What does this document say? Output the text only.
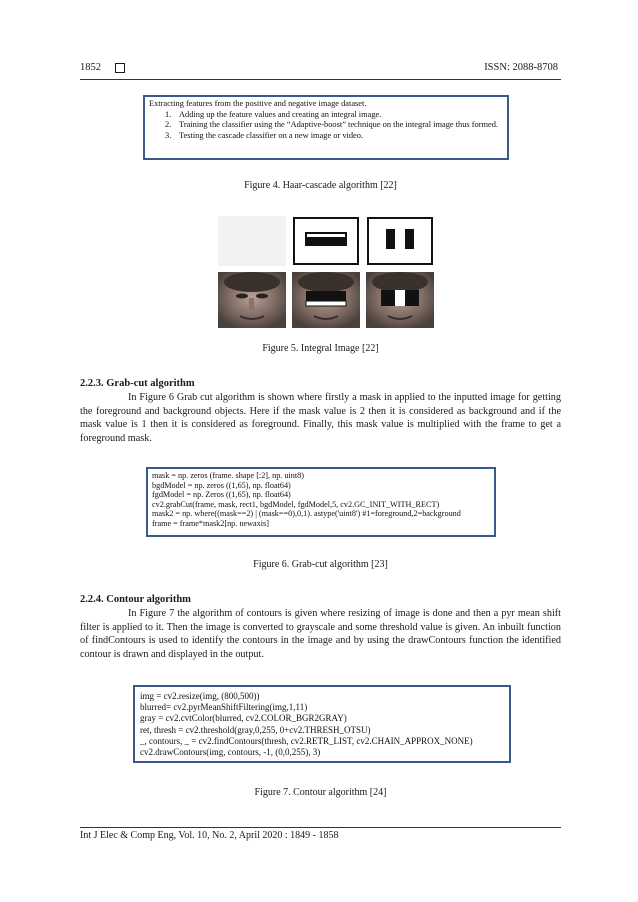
1852	ISSN: 2088-8708
Extracting features from the positive and negative image dataset.
1. Adding up the feature values and creating an integral image.
2. Training the classifier using the “Adaptive-boost” technique on the integral image thus formed.
3. Testing the cascade classifier on a new image or video.
Figure 4. Haar-cascade algorithm [22]
Figure 5. Integral Image [22]
2.2.3. Grab-cut algorithm
In Figure 6 Grab cut algorithm is shown where firstly a mask in applied to the inputted image for getting the foreground and background objects. Here if the mask value is 2 then it is considered as background and if the mask value is 1 then it is considered as foreground. Finally, this mask value is multiplied with the frame to get a foreground mask.
mask = np. zeros (frame. shape [:2], np. uint8)
bgdModel = np. zeros ((1,65), np. float64)
fgdModel = np. Zeros ((1,65), np. float64)
cv2.grabCut(frame, mask, rect1, bgdModel, fgdModel,5, cv2.GC_INIT_WITH_RECT)
mask2 = np. where((mask==2) | (mask==0),0,1). astype('uint8') #1=foreground,2=background
frame = frame*mask2[np. newaxis]
Figure 6. Grab-cut algorithm [23]
2.2.4. Contour algorithm
In Figure 7 the algorithm of contours is given where resizing of image is done and then a pyr mean shift filter is applied to it. Then the image is converted to grayscale and some threshold value is given. An inbuilt function of findContours is used to identify the contours in the image and by using the drawContours function the identified contour is drawn and displayed in the output.
img = cv2.resize(img, (800,500))
blurred= cv2.pyrMeanShiftFiltering(img,1,11)
gray = cv2.cvtColor(blurred, cv2.COLOR_BGR2GRAY)
ret, thresh = cv2.threshold(gray,0,255, 0+cv2.THRESH_OTSU)
_, contours, _ = cv2.findContours(thresh, cv2.RETR_LIST, cv2.CHAIN_APPROX_NONE)
cv2.drawContours(img, contours, -1, (0,0,255), 3)
Figure 7. Contour algorithm [24]
Int J Elec & Comp Eng, Vol. 10, No. 2, April 2020 : 1849 - 1858
